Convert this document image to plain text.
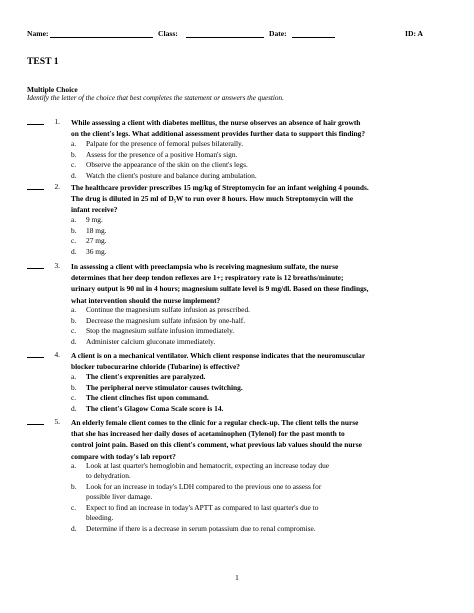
Name:	Class:	Date:	ID: A
TEST 1

Multiple Choice

Identify the letter of the choice that best completes the statement or answers the question.

1. While assessing a client with diabetes mellitus, the nurse observes an absence of hair growth
on the client's legs. What additional assessment provides further data to support this finding?
a. Palpate for the presence of femoral pulses bilaterally.
b. Assess for the presence of a positive Homan's sign.
c. Observe the appearance of the skin on the client's legs.
d. Watch the client's posture and balance during ambulation.
2. The healthcare provider prescribes 15 mg/kg of Streptomycin for an infant weighing 4 pounds.
The drug is diluted in 25 ml of D₅W to run over 8 hours. How much Streptomycin will the
infant receive?
a. 9 mg.
b. 18 mg.
c. 27 mg.
d. 36 mg.
3. In assessing a client with preeclampsia who is receiving magnesium sulfate, the nurse
determines that her deep tendon reflexes are 1+; respiratory rate is 12 breaths/minute;
urinary output is 90 ml in 4 hours; magnesium sulfate level is 9 mg/dl. Based on these findings,
what intervention should the nurse implement?
a. Continue the magnesium sulfate infusion as prescribed.
b. Decrease the magnesium sulfate infusion by one-half.
c. Stop the magnesium sulfate infusion immediately.
d. Administer calcium gluconate immediately.
4. A client is on a mechanical ventilator. Which client response indicates that the neuromuscular
blocker tubocurarine chloride (Tubarine) is effective?
a. The client's exprenities are paralyzed.
b. The peripheral nerve stimulator causes twitching.
c. The client clinches fist upon command.
d. The client's Glagow Coma Scale score is 14.
5. An elderly female client comes to the clinic for a regular check-up. The client tells the nurse
that she has increased her daily doses of acetaminophen (Tylenol) for the past month to
control joint pain. Based on this client's comment, what previous lab values should the nurse
compare with today's lab report?
a. Look at last quarter's hemoglobin and hematocrit, expecting an increase today due
to dehydration.
b. Look for an increase in today's LDH compared to the previous one to assess for
possible liver damage.
c. Expect to find an increase in today's APTT as compared to last quarter's due to
bleeding.
d. Determine if there is a decrease in serum potassium due to renal compromise.
1
